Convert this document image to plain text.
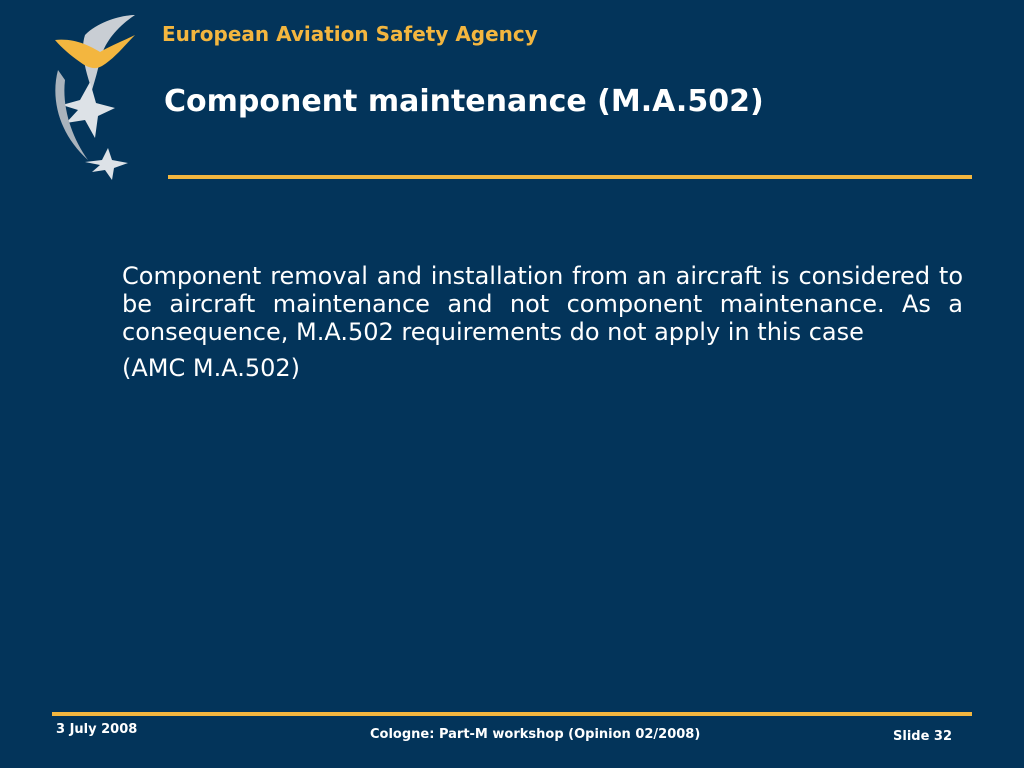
European Aviation Safety Agency
Component maintenance (M.A.502)

Component removal and installation from an aircraft is considered to be aircraft maintenance and not component maintenance. As a consequence, M.A.502 requirements do not apply in this case

(AMC M.A.502)

3 July 2008	Cologne: Part-M workshop (Opinion 02/2008)	Slide 32
